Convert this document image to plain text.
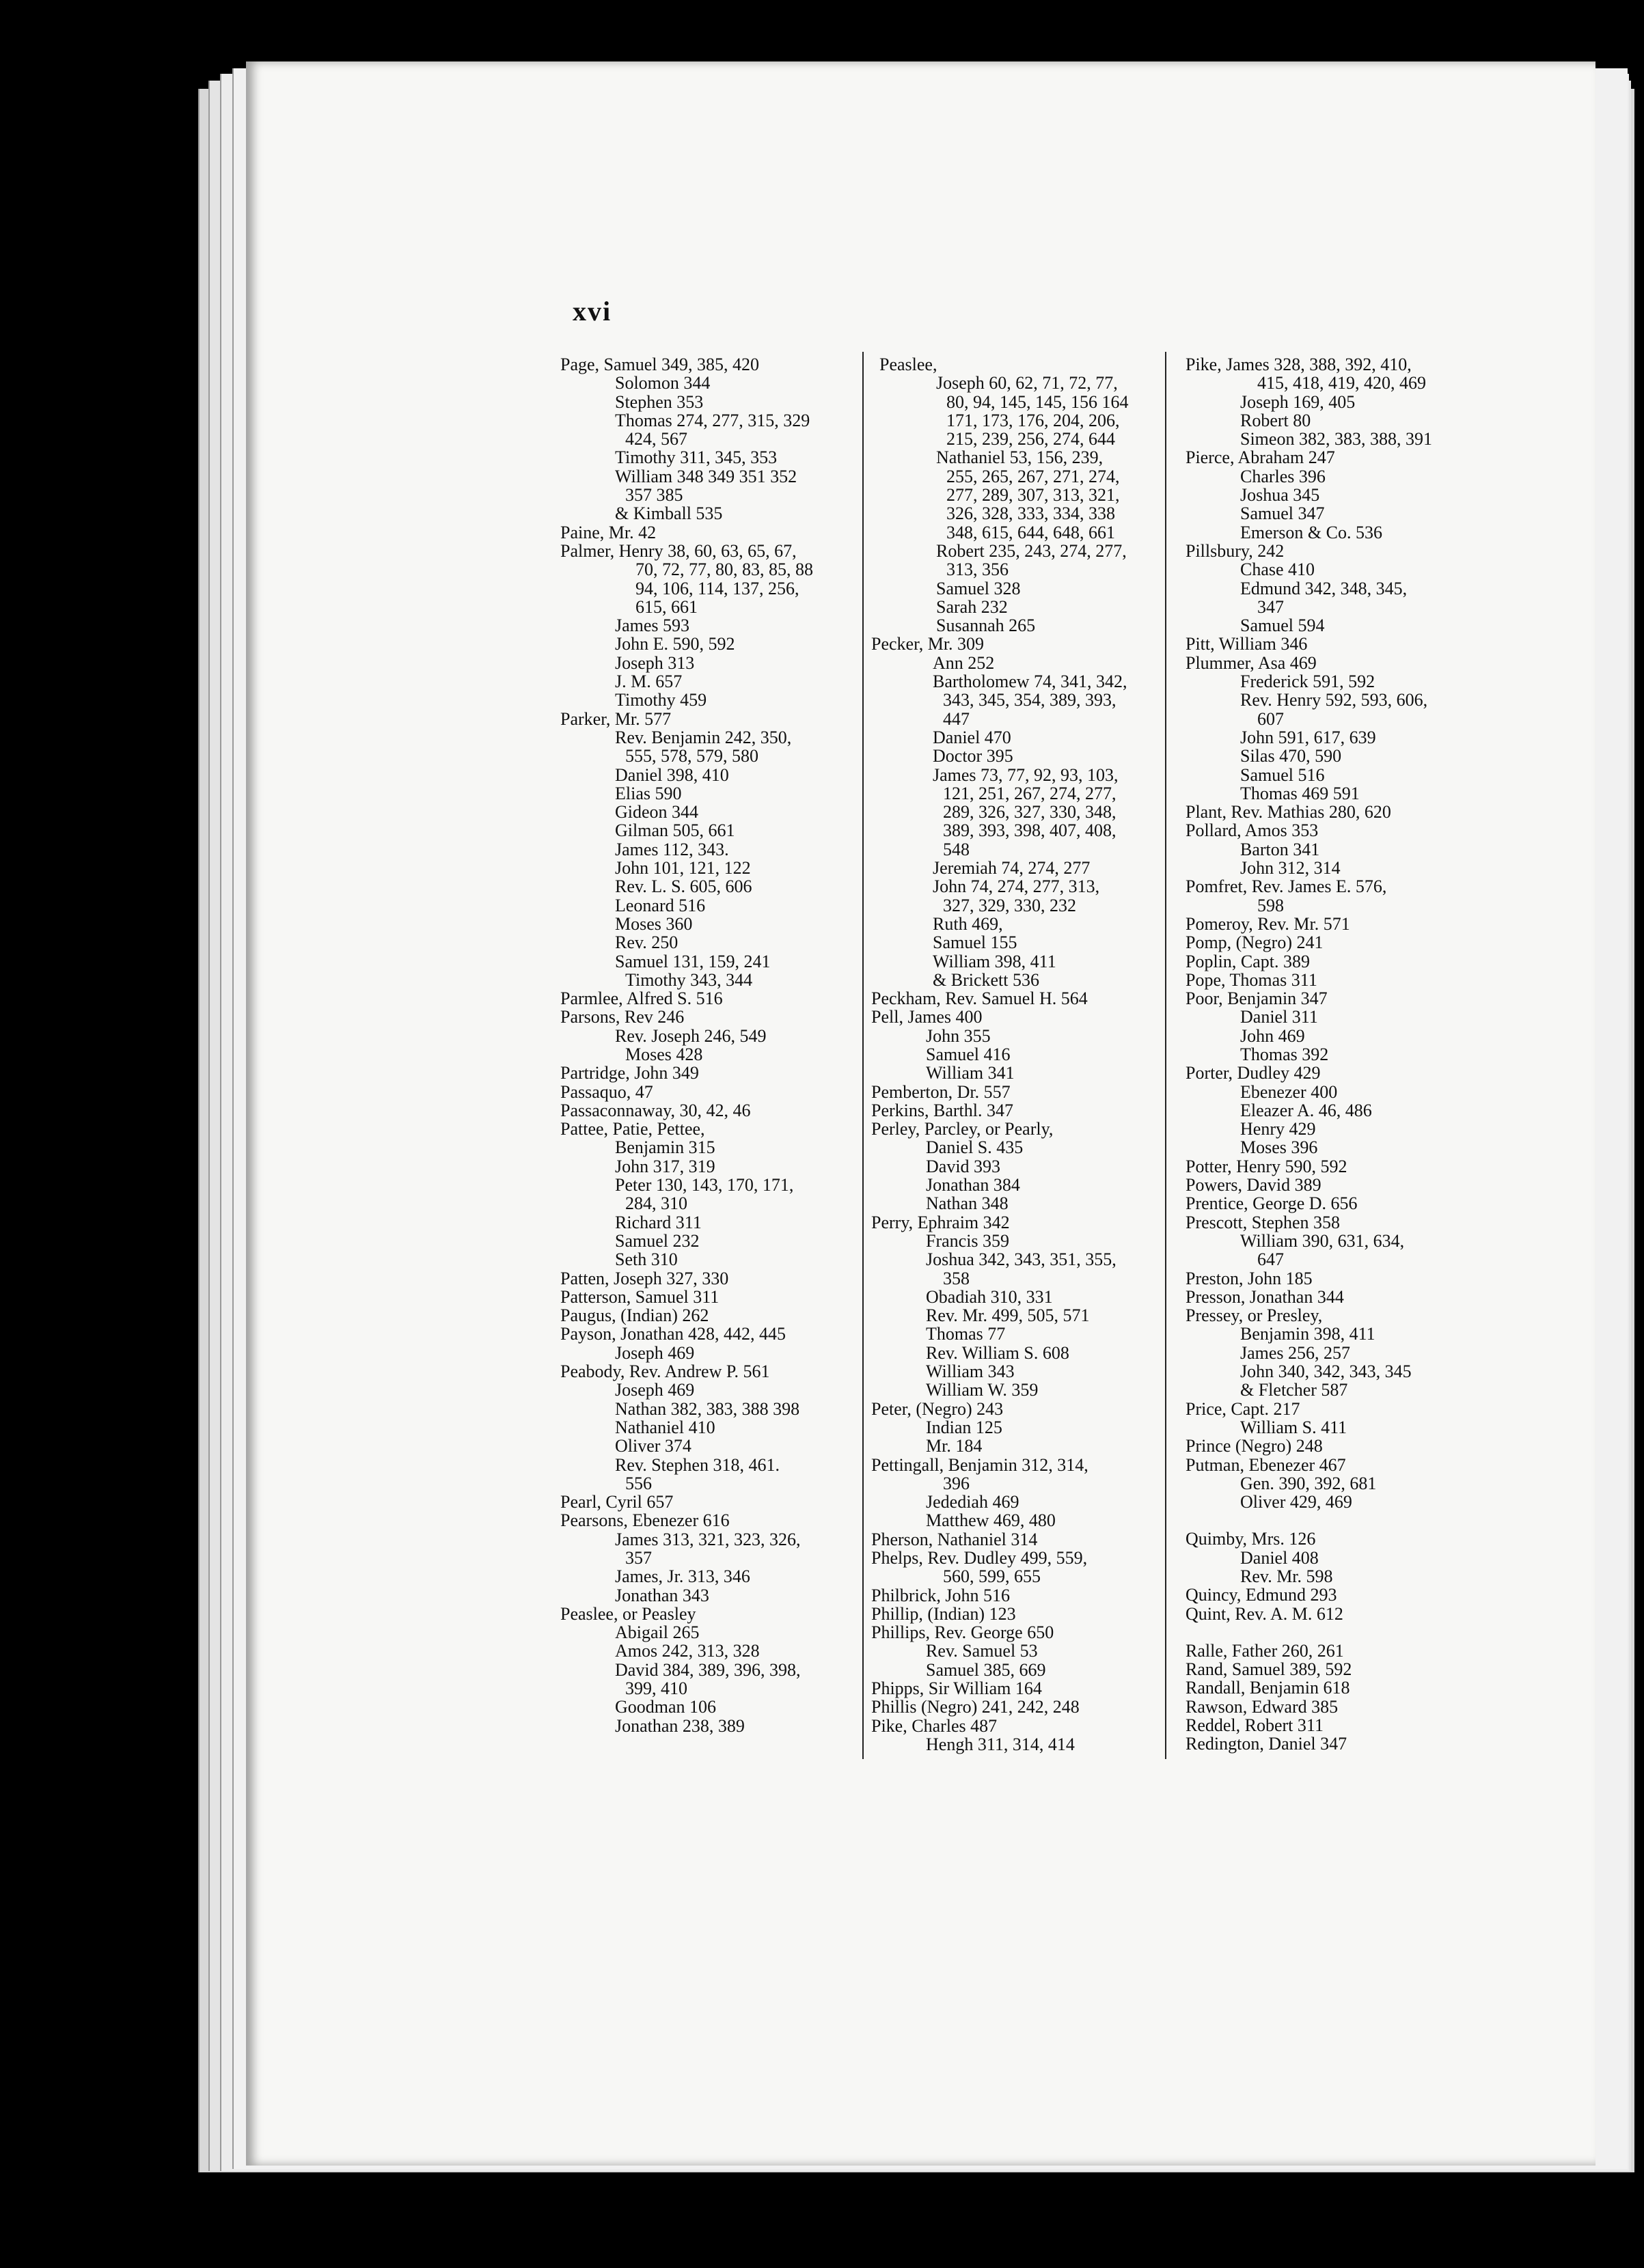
xvi
Page, Samuel 349, 385, 420
Solomon 344
Stephen 353
Thomas 274, 277, 315, 329
424, 567
Timothy 311, 345, 353
William 348 349 351 352
357 385
& Kimball 535
Paine, Mr. 42
Palmer, Henry 38, 60, 63, 65, 67,
70, 72, 77, 80, 83, 85, 88
94, 106, 114, 137, 256,
615, 661
James 593
John E. 590, 592
Joseph 313
J. M. 657
Timothy 459
Parker, Mr. 577
Rev. Benjamin 242, 350,
555, 578, 579, 580
Daniel 398, 410
Elias 590
Gideon 344
Gilman 505, 661
James 112, 343.
John 101, 121, 122
Rev. L. S. 605, 606
Leonard 516
Moses 360
Rev. 250
Samuel 131, 159, 241
Timothy 343, 344
Parmlee, Alfred S. 516
Parsons, Rev 246
Rev. Joseph 246, 549
Moses 428
Partridge, John 349
Passaquo, 47
Passaconnaway, 30, 42, 46
Pattee, Patie, Pettee,
Benjamin 315
John 317, 319
Peter 130, 143, 170, 171,
284, 310
Richard 311
Samuel 232
Seth 310
Patten, Joseph 327, 330
Patterson, Samuel 311
Paugus, (Indian) 262
Payson, Jonathan 428, 442, 445
Joseph 469
Peabody, Rev. Andrew P. 561
Joseph 469
Nathan 382, 383, 388 398
Nathaniel 410
Oliver 374
Rev. Stephen 318, 461.
556
Pearl, Cyril 657
Pearsons, Ebenezer 616
James 313, 321, 323, 326,
357
James, Jr. 313, 346
Jonathan 343
Peaslee, or Peasley
Abigail 265
Amos 242, 313, 328
David 384, 389, 396, 398,
399, 410
Goodman 106
Jonathan 238, 389
Peaslee,
Joseph 60, 62, 71, 72, 77,
80, 94, 145, 145, 156 164
171, 173, 176, 204, 206,
215, 239, 256, 274, 644
Nathaniel 53, 156, 239,
255, 265, 267, 271, 274,
277, 289, 307, 313, 321,
326, 328, 333, 334, 338
348, 615, 644, 648, 661
Robert 235, 243, 274, 277,
313, 356
Samuel 328
Sarah 232
Susannah 265
Pecker, Mr. 309
Ann 252
Bartholomew 74, 341, 342,
343, 345, 354, 389, 393,
447
Daniel 470
Doctor 395
James 73, 77, 92, 93, 103,
121, 251, 267, 274, 277,
289, 326, 327, 330, 348,
389, 393, 398, 407, 408,
548
Jeremiah 74, 274, 277
John 74, 274, 277, 313,
327, 329, 330, 232
Ruth 469,
Samuel 155
William 398, 411
& Brickett 536
Peckham, Rev. Samuel H. 564
Pell, James 400
John 355
Samuel 416
William 341
Pemberton, Dr. 557
Perkins, Barthl. 347
Perley, Parcley, or Pearly,
Daniel S. 435
David 393
Jonathan 384
Nathan 348
Perry, Ephraim 342
Francis 359
Joshua 342, 343, 351, 355,
358
Obadiah 310, 331
Rev. Mr. 499, 505, 571
Thomas 77
Rev. William S. 608
William 343
William W. 359
Peter, (Negro) 243
Indian 125
Mr. 184
Pettingall, Benjamin 312, 314,
396
Jedediah 469
Matthew 469, 480
Pherson, Nathaniel 314
Phelps, Rev. Dudley 499, 559,
560, 599, 655
Philbrick, John 516
Phillip, (Indian) 123
Phillips, Rev. George 650
Rev. Samuel 53
Samuel 385, 669
Phipps, Sir William 164
Phillis (Negro) 241, 242, 248
Pike, Charles 487
Hengh 311, 314, 414
Pike, James 328, 388, 392, 410,
415, 418, 419, 420, 469
Joseph 169, 405
Robert 80
Simeon 382, 383, 388, 391
Pierce, Abraham 247
Charles 396
Joshua 345
Samuel 347
Emerson & Co. 536
Pillsbury, 242
Chase 410
Edmund 342, 348, 345,
347
Samuel 594
Pitt, William 346
Plummer, Asa 469
Frederick 591, 592
Rev. Henry 592, 593, 606,
607
John 591, 617, 639
Silas 470, 590
Samuel 516
Thomas 469 591
Plant, Rev. Mathias 280, 620
Pollard, Amos 353
Barton 341
John 312, 314
Pomfret, Rev. James E. 576,
598
Pomeroy, Rev. Mr. 571
Pomp, (Negro) 241
Poplin, Capt. 389
Pope, Thomas 311
Poor, Benjamin 347
Daniel 311
John 469
Thomas 392
Porter, Dudley 429
Ebenezer 400
Eleazer A. 46, 486
Henry 429
Moses 396
Potter, Henry 590, 592
Powers, David 389
Prentice, George D. 656
Prescott, Stephen 358
William 390, 631, 634,
647
Preston, John 185
Presson, Jonathan 344
Pressey, or Presley,
Benjamin 398, 411
James 256, 257
John 340, 342, 343, 345
& Fletcher 587
Price, Capt. 217
William S. 411
Prince (Negro) 248
Putman, Ebenezer 467
Gen. 390, 392, 681
Oliver 429, 469
Quimby, Mrs. 126
Daniel 408
Rev. Mr. 598
Quincy, Edmund 293
Quint, Rev. A. M. 612
Ralle, Father 260, 261
Rand, Samuel 389, 592
Randall, Benjamin 618
Rawson, Edward 385
Reddel, Robert 311
Redington, Daniel 347
